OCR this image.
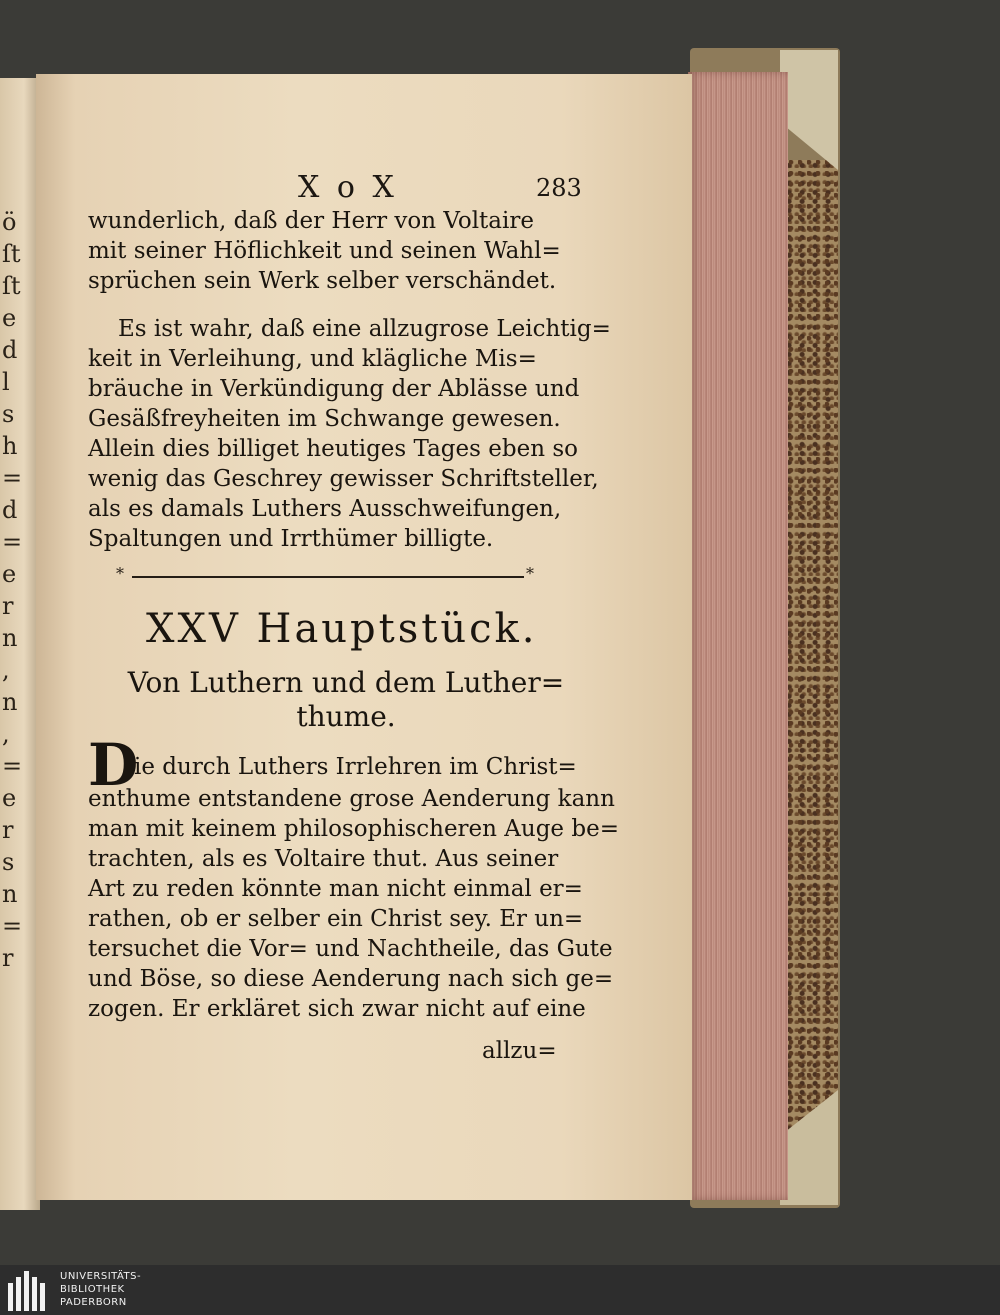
ö
ſt
ſt
e
d
l
s
h
=
d
=
e
r
n
,
n
,
=
e
r
s
n
=
r
X o X	283
wunderlich, daß der Herr von Voltaire
mit seiner Höflichkeit und seinen Wahl=
sprüchen sein Werk selber verschändet.
Es ist wahr, daß eine allzugrose Leichtig=
keit in Verleihung, und klägliche Mis=
bräuche in Verkündigung der Ablässe und
Gesäßfreyheiten im Schwange gewesen.
Allein dies billiget heutiges Tages eben so
wenig das Geschrey gewisser Schriftsteller,
als es damals Luthers Ausschweifungen,
Spaltungen und Irrthümer billigte.
*	*
XXV Hauptstück.
Von Luthern und dem Luther=
thume.
D
ie durch Luthers Irrlehren im Christ=
enthume entstandene grose Aenderung kann
man mit keinem philosophischeren Auge be=
trachten, als es Voltaire thut. Aus seiner
Art zu reden könnte man nicht einmal er=
rathen, ob er selber ein Christ sey. Er un=
tersuchet die Vor= und Nachtheile, das Gute
und Böse, so diese Aenderung nach sich ge=
zogen. Er erkläret sich zwar nicht auf eine
allzu=
UNIVERSITÄTS-
BIBLIOTHEK
PADERBORN
